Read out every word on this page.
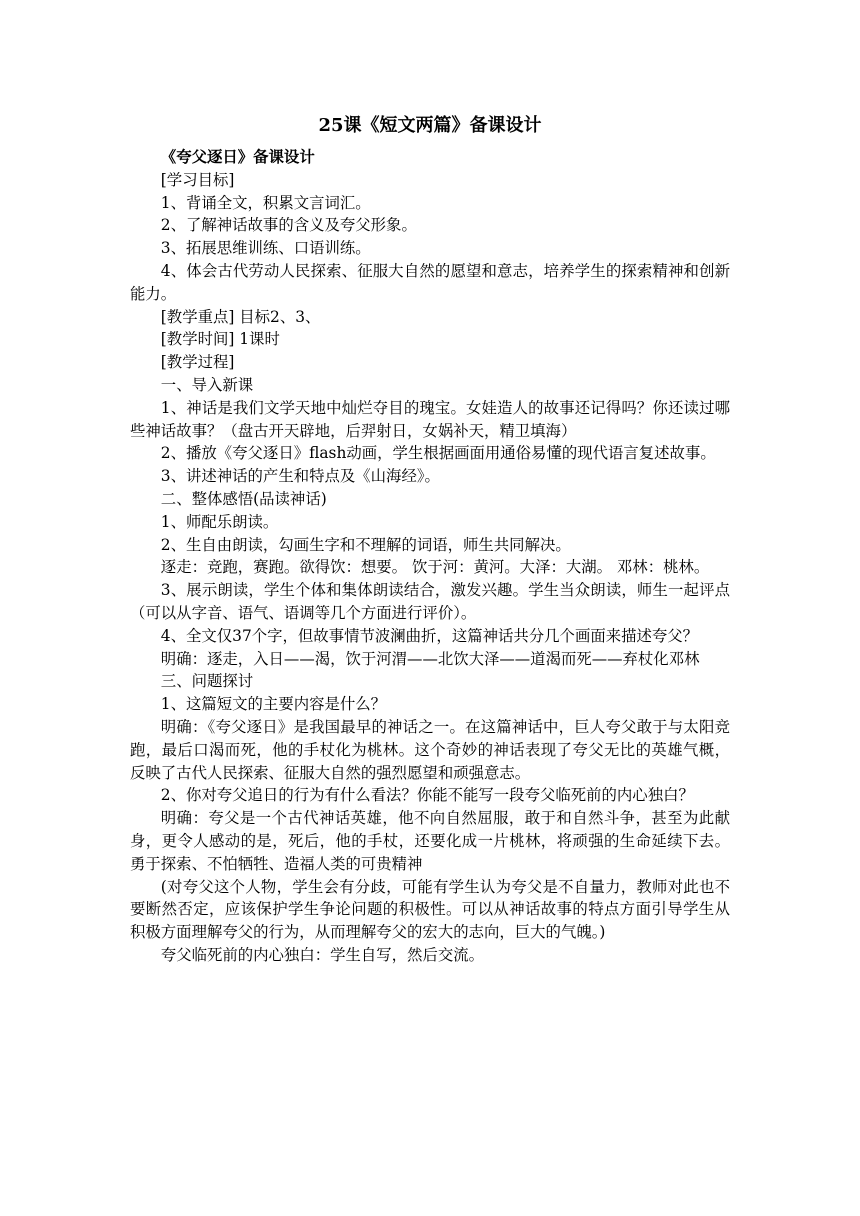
25课《短文两篇》备课设计

《夸父逐日》备课设计

[学习目标]

1、背诵全文，积累文言词汇。

2、了解神话故事的含义及夸父形象。

3、拓展思维训练、口语训练。

4、体会古代劳动人民探索、征服大自然的愿望和意志，培养学生的探索精神和创新能力。

[教学重点] 目标2、3、

[教学时间] 1课时

[教学过程]

一、导入新课

1、神话是我们文学天地中灿烂夺目的瑰宝。女娃造人的故事还记得吗？你还读过哪些神话故事？（盘古开天辟地，后羿射日，女娲补天，精卫填海）

2、播放《夸父逐日》flash动画，学生根据画面用通俗易懂的现代语言复述故事。

3、讲述神话的产生和特点及《山海经》。

二、整体感悟(品读神话)

1、师配乐朗读。

2、生自由朗读，勾画生字和不理解的词语，师生共同解决。

逐走：竞跑，赛跑。欲得饮：想要。 饮于河：黄河。大泽：大湖。 邓林：桃林。

3、展示朗读，学生个体和集体朗读结合，激发兴趣。学生当众朗读，师生一起评点（可以从字音、语气、语调等几个方面进行评价）。

4、全文仅37个字，但故事情节波澜曲折，这篇神话共分几个画面来描述夸父？

明确：逐走，入日——渴，饮于河渭——北饮大泽——道渴而死——弃杖化邓林

三、问题探讨

1、这篇短文的主要内容是什么？

明确：《夸父逐日》是我国最早的神话之一。在这篇神话中，巨人夸父敢于与太阳竞跑，最后口渴而死，他的手杖化为桃林。这个奇妙的神话表现了夸父无比的英雄气概，反映了古代人民探索、征服大自然的强烈愿望和顽强意志。

2、你对夸父追日的行为有什么看法？你能不能写一段夸父临死前的内心独白？

明确：夸父是一个古代神话英雄，他不向自然屈服，敢于和自然斗争，甚至为此献身，更令人感动的是，死后，他的手杖，还要化成一片桃林，将顽强的生命延续下去。勇于探索、不怕牺牲、造福人类的可贵精神

(对夸父这个人物，学生会有分歧，可能有学生认为夸父是不自量力，教师对此也不要断然否定，应该保护学生争论问题的积极性。可以从神话故事的特点方面引导学生从积极方面理解夸父的行为，从而理解夸父的宏大的志向，巨大的气魄。)

夸父临死前的内心独白：学生自写，然后交流。
